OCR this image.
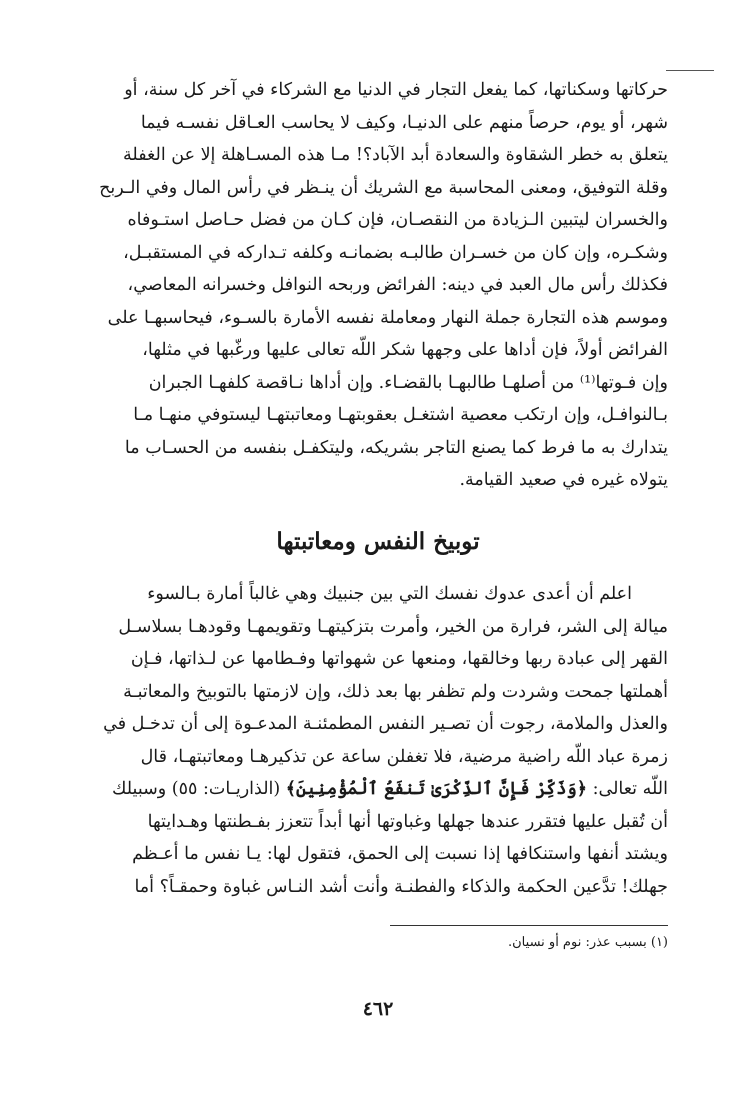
حركاتها وسكناتها، كما يفعل التجار في الدنيا مع الشركاء في آخر كل سنة، أو

شهر، أو يوم، حرصاً منهم على الدنيـا، وكيف لا يحاسب العـاقل نفسـه فيما

يتعلق به خطر الشقاوة والسعادة أبد الآباد؟! مـا هذه المسـاهلة إلا عن الغفلة

وقلة التوفيق، ومعنى المحاسبة مع الشريك أن ينـظر في رأس المال وفي الـربح

والخسران ليتبين الـزيادة من النقصـان، فإن كـان من فضل حـاصل استـوفاه

وشكـره، وإن كان من خسـران طالبـه بضمانـه وكلفه تـداركه في المستقبـل،

فكذلك رأس مال العبد في دينه: الفرائض وربحه النوافل وخسرانه المعاصي،

وموسم هذه التجارة جملة النهار ومعاملة نفسه الأمارة بالسـوء، فيحاسبهـا على

الفرائض أولاً، فإن أداها على وجهها شكر اللّه تعالى عليها ورغّبها في مثلها،

وإن فـوتها⁽¹⁾ من أصلهـا طالبهـا بالقضـاء. وإن أداها نـاقصة كلفهـا الجبران

بـالنوافـل، وإن ارتكب معصية اشتغـل بعقوبتهـا ومعاتبتهـا ليستوفي منهـا مـا

يتدارك به ما فرط كما يصنع التاجر بشريكه، وليتكفـل بنفسه من الحسـاب ما

يتولاه غيره في صعيد القيامة.

توبيخ النفس ومعاتبتها

اعلم أن أعدى عدوك نفسك التي بين جنبيك وهي غالباً أمارة بـالسوء

ميالة إلى الشر، فرارة من الخير، وأمرت بتزكيتهـا وتقويمهـا وقودهـا بسلاسـل

القهر إلى عبادة ربها وخالقها، ومنعها عن شهواتها وفـطامها عن لـذاتها، فـإن

أهملتها جمحت وشردت ولم تظفر بها بعد ذلك، وإن لازمتها بالتوبيخ والمعاتبـة

والعذل والملامة، رجوت أن تصـير النفس المطمئنـة المدعـوة إلى أن تدخـل في

زمرة عباد اللّه راضية مرضية، فلا تغفلن ساعة عن تذكيرهـا ومعاتبتهـا، قال

اللّه تعالى: ﴿وَذَكِّرْ فَإِنَّ ٱلذِّكْرَىٰ تَنفَعُ ٱلْمُؤْمِنِينَ﴾ (الذاريـات: ٥٥) وسبيلك

أن تُقبل عليها فتقرر عندها جهلها وغباوتها أنها أبداً تتعزز بفـطنتها وهـدايتها

ويشتد أنفها واستنكافها إذا نسبت إلى الحمق، فتقول لها: يـا نفس ما أعـظم

جهلك! تدَّعين الحكمة والذكاء والفطنـة وأنت أشد النـاس غباوة وحمقـاً؟ أما

(١) بسبب عذر: نوم أو نسيان.
٤٦٢
